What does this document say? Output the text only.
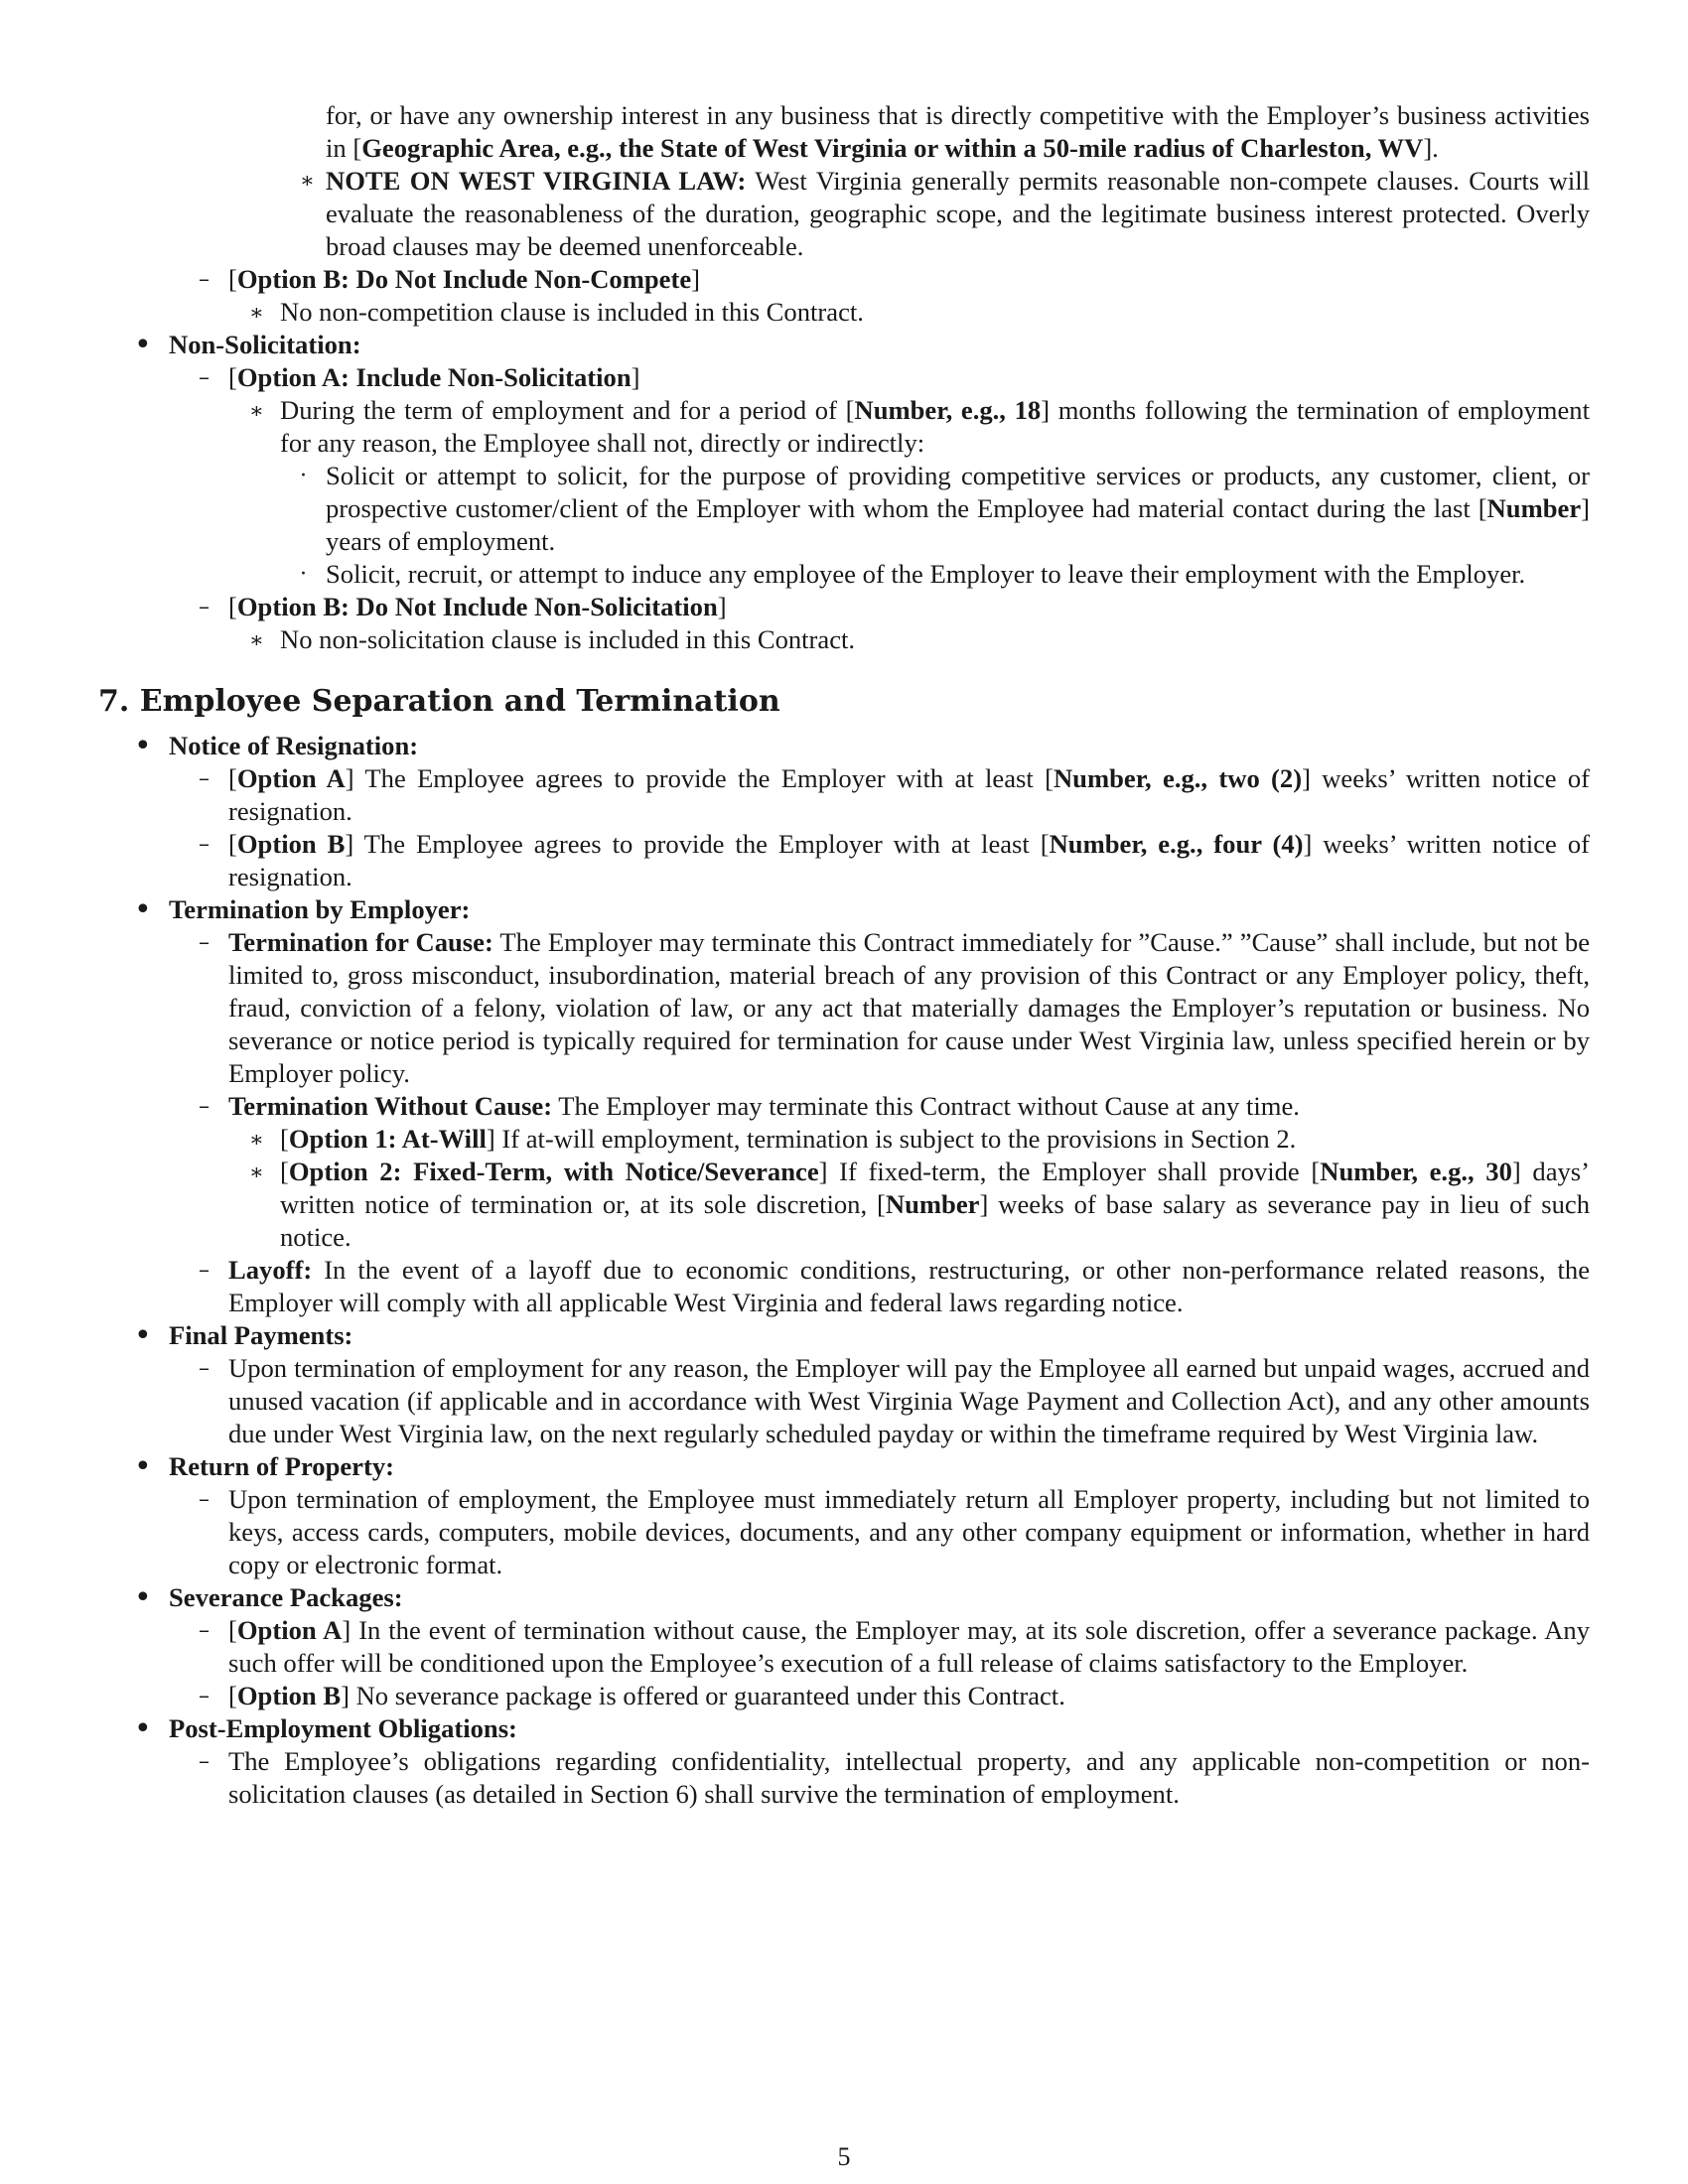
for, or have any ownership interest in any business that is directly competitive with the Employer’s business activities in [Geographic Area, e.g., the State of West Virginia or within a 50-mile radius of Charleston, WV].
∗ NOTE ON WEST VIRGINIA LAW: West Virginia generally permits reasonable non-compete clauses. Courts will evaluate the reasonableness of the duration, geographic scope, and the legitimate business interest protected. Overly broad clauses may be deemed unenforceable.
– [Option B: Do Not Include Non-Compete]
∗ No non-competition clause is included in this Contract.
• Non-Solicitation:
– [Option A: Include Non-Solicitation]
∗ During the term of employment and for a period of [Number, e.g., 18] months following the termination of employment for any reason, the Employee shall not, directly or indirectly:
· Solicit or attempt to solicit, for the purpose of providing competitive services or products, any customer, client, or prospective customer/client of the Employer with whom the Employee had material contact during the last [Number] years of employment.
· Solicit, recruit, or attempt to induce any employee of the Employer to leave their employment with the Employer.
– [Option B: Do Not Include Non-Solicitation]
∗ No non-solicitation clause is included in this Contract.
7. Employee Separation and Termination
• Notice of Resignation:
– [Option A] The Employee agrees to provide the Employer with at least [Number, e.g., two (2)] weeks’ written notice of resignation.
– [Option B] The Employee agrees to provide the Employer with at least [Number, e.g., four (4)] weeks’ written notice of resignation.
• Termination by Employer:
– Termination for Cause: The Employer may terminate this Contract immediately for ”Cause.” ”Cause” shall include, but not be limited to, gross misconduct, insubordination, material breach of any provision of this Contract or any Employer policy, theft, fraud, conviction of a felony, violation of law, or any act that materially damages the Employer’s reputation or business. No severance or notice period is typically required for termination for cause under West Virginia law, unless specified herein or by Employer policy.
– Termination Without Cause: The Employer may terminate this Contract without Cause at any time.
∗ [Option 1: At-Will] If at-will employment, termination is subject to the provisions in Section 2.
∗ [Option 2: Fixed-Term, with Notice/Severance] If fixed-term, the Employer shall provide [Number, e.g., 30] days’ written notice of termination or, at its sole discretion, [Number] weeks of base salary as severance pay in lieu of such notice.
– Layoff: In the event of a layoff due to economic conditions, restructuring, or other non-performance related reasons, the Employer will comply with all applicable West Virginia and federal laws regarding notice.
• Final Payments:
– Upon termination of employment for any reason, the Employer will pay the Employee all earned but unpaid wages, accrued and unused vacation (if applicable and in accordance with West Virginia Wage Payment and Collection Act), and any other amounts due under West Virginia law, on the next regularly scheduled payday or within the timeframe required by West Virginia law.
• Return of Property:
– Upon termination of employment, the Employee must immediately return all Employer property, including but not limited to keys, access cards, computers, mobile devices, documents, and any other company equipment or information, whether in hard copy or electronic format.
• Severance Packages:
– [Option A] In the event of termination without cause, the Employer may, at its sole discretion, offer a severance package. Any such offer will be conditioned upon the Employee’s execution of a full release of claims satisfactory to the Employer.
– [Option B] No severance package is offered or guaranteed under this Contract.
• Post-Employment Obligations:
– The Employee’s obligations regarding confidentiality, intellectual property, and any applicable non-competition or non-solicitation clauses (as detailed in Section 6) shall survive the termination of employment.
5
